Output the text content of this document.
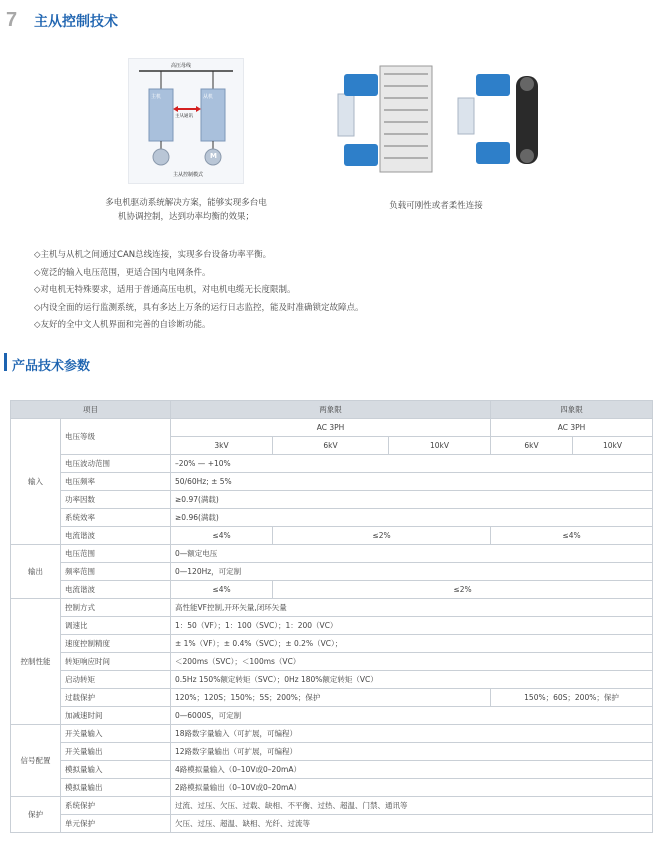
7 主从控制技术
高压母线
主机	从机
主从通讯
M
主从控制模式
多电机驱动系统解决方案，能够实现多台电
机协调控制，达到功率均衡的效果；
负载可刚性或者柔性连接
◇主机与从机之间通过CAN总线连接，实现多台设备功率平衡。
◇宽泛的输入电压范围，更适合国内电网条件。
◇对电机无特殊要求，适用于普通高压电机，对电机电缆无长度限制。
◇内设全面的运行监测系统，具有多达上万条的运行日志监控，能及时准确锁定故障点。
◇友好的全中文人机界面和完善的自诊断功能。
产品技术参数
项目		两象限			四象限	
输入	电压等级	AC 3PH			AC 3PH	
		3kV	6kV	10kV	6kV	10kV
	电压波动范围	–20% — +10%				
	电压频率	50/60Hz; ± 5%				
	功率因数	≥0.97(满载)				
	系统效率	≥0.96(满载)				
	电流谐波	≤4%	≤2%		≤4%	
输出	电压范围	0—额定电压				
	频率范围	0—120Hz，可定制				
	电流谐波	≤4%	≤2%			
控制性能	控制方式	高性能VF控制,开环矢量,闭环矢量				
	调速比	1：50（VF）；1：100（SVC）；1：200（VC）				
	速度控制精度	± 1%（VF）；± 0.4%（SVC）；± 0.2%（VC）；				
	转矩响应时间	＜200ms（SVC）；＜100ms（VC）				
	启动转矩	0.5Hz 150%额定转矩（SVC）；0Hz 180%额定转矩（VC）				
	过载保护	120%；120S；150%；5S；200%；保护			150%；60S；200%；保护	
	加减速时间	0—6000S，可定制				
信号配置	开关量输入	18路数字量输入（可扩展，可编程）				
	开关量输出	12路数字量输出（可扩展，可编程）				
	模拟量输入	4路模拟量输入（0–10V或0–20mA）				
	模拟量输出	2路模拟量输出（0–10V或0–20mA）				
保护	系统保护	过流、过压、欠压、过载、缺相、不平衡、过热、超温、门禁、通讯等				
	单元保护	欠压、过压、超温、缺相、光纤、过流等				
